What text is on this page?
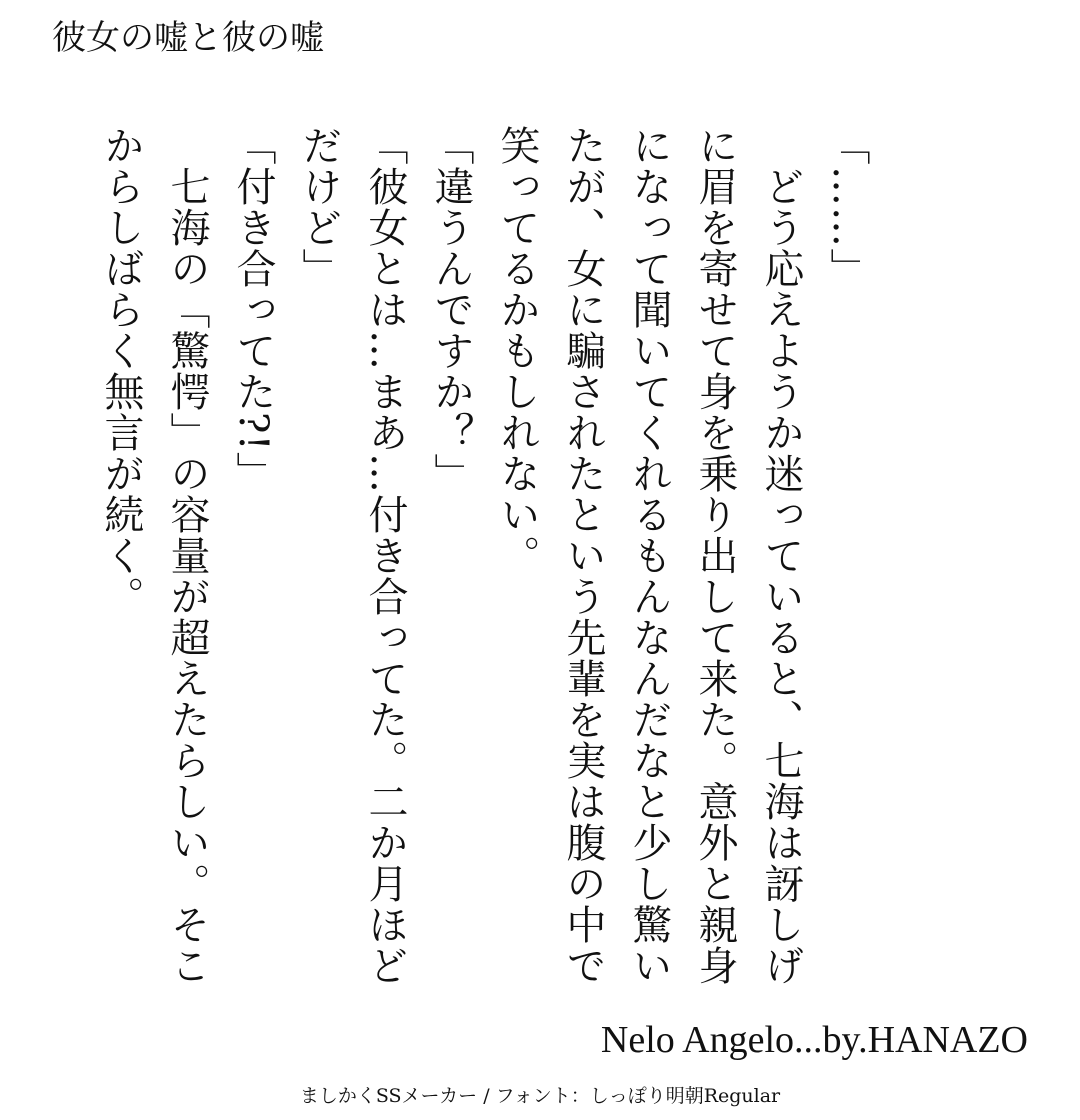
彼女の嘘と彼の嘘

「……」

　どう応えようか迷っていると、七海は訝しげに眉を寄せて身を乗り出して来た。意外と親身になって聞いてくれるもんなんだなと少し驚いたが、女に騙されたという先輩を実は腹の中で笑ってるかもしれない。

「違うんですか？」

「彼女とは…まあ…付き合ってた。二か月ほどだけど」

「付き合ってた?!」

　七海の「驚愕」の容量が超えたらしい。そこからしばらく無言が続く。

Nelo Angelo...by.HANAZO
ましかくSSメーカー / フォント：しっぽり明朝Regular
